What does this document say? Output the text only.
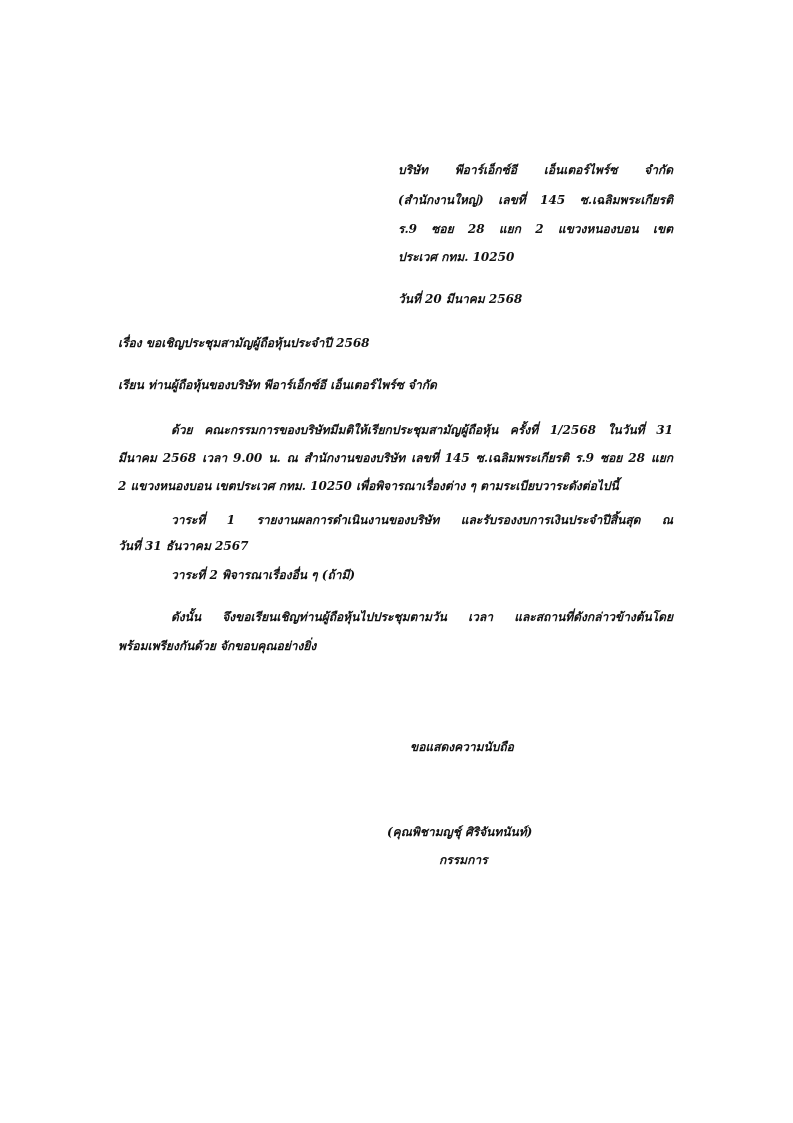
บริษัท พีอาร์เอ็กซ์อี เอ็นเตอร์ไพร์ซ จำกัด
(สำนักงานใหญ่) เลขที่ 145 ซ.เฉลิมพระเกียรติ
ร.9 ซอย 28 แยก 2 แขวงหนองบอน เขต
ประเวศ กทม. 10250
วันที่ 20 มีนาคม 2568
เรื่อง ขอเชิญประชุมสามัญผู้ถือหุ้นประจำปี 2568
เรียน ท่านผู้ถือหุ้นของบริษัท พีอาร์เอ็กซ์อี เอ็นเตอร์ไพร์ซ จำกัด
ด้วย คณะกรรมการของบริษัทมีมติให้เรียกประชุมสามัญผู้ถือหุ้น ครั้งที่ 1/2568 ในวันที่ 31
มีนาคม 2568 เวลา 9.00 น. ณ สำนักงานของบริษัท เลขที่ 145 ซ.เฉลิมพระเกียรติ ร.9 ซอย 28 แยก
2 แขวงหนองบอน เขตประเวศ กทม. 10250 เพื่อพิจารณาเรื่องต่าง ๆ ตามระเบียบวาระดังต่อไปนี้
วาระที่ 1 รายงานผลการดำเนินงานของบริษัท และรับรองงบการเงินประจำปีสิ้นสุด ณ
วันที่ 31 ธันวาคม 2567
วาระที่ 2 พิจารณาเรื่องอื่น ๆ (ถ้ามี)
ดังนั้น จึงขอเรียนเชิญท่านผู้ถือหุ้นไปประชุมตามวัน เวลา และสถานที่ดังกล่าวข้างต้นโดย
พร้อมเพรียงกันด้วย จักขอบคุณอย่างยิ่ง
ขอแสดงความนับถือ
(คุณพิชามญชุ์ ศิริจันทนันท์)
กรรมการ
